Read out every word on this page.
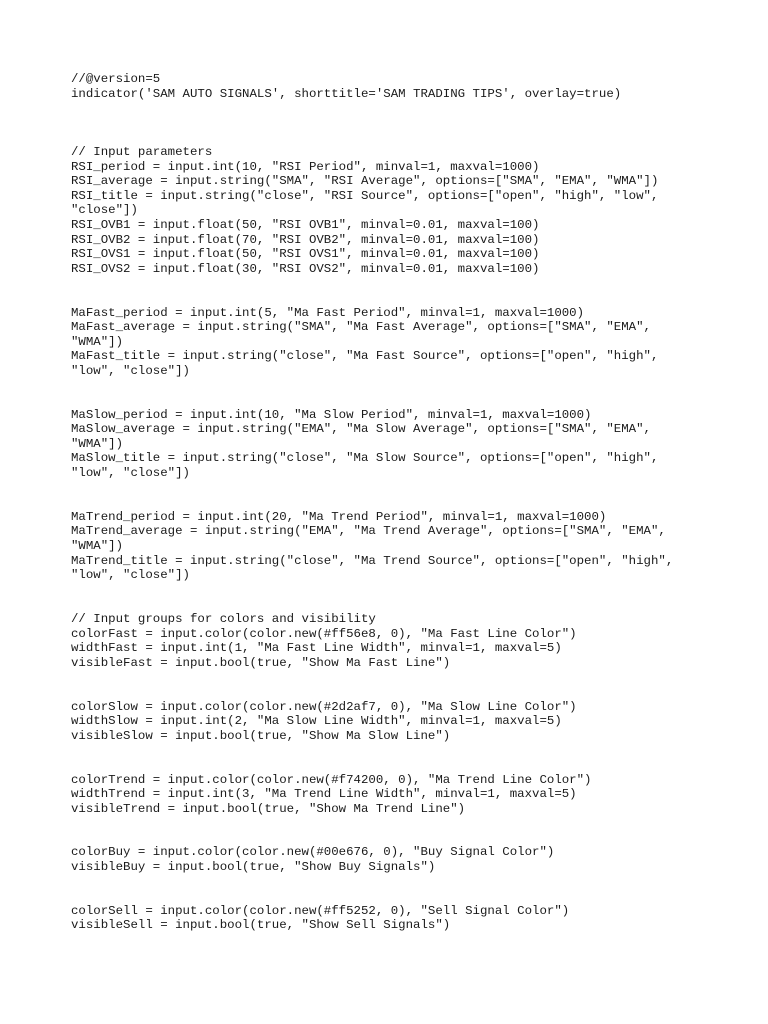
//@version=5
indicator('SAM AUTO SIGNALS', shorttitle='SAM TRADING TIPS', overlay=true)
// Input parameters
RSI_period = input.int(10, "RSI Period", minval=1, maxval=1000)
RSI_average = input.string("SMA", "RSI Average", options=["SMA", "EMA", "WMA"])
RSI_title = input.string("close", "RSI Source", options=["open", "high", "low",
"close"])
RSI_OVB1 = input.float(50, "RSI OVB1", minval=0.01, maxval=100)
RSI_OVB2 = input.float(70, "RSI OVB2", minval=0.01, maxval=100)
RSI_OVS1 = input.float(50, "RSI OVS1", minval=0.01, maxval=100)
RSI_OVS2 = input.float(30, "RSI OVS2", minval=0.01, maxval=100)
MaFast_period = input.int(5, "Ma Fast Period", minval=1, maxval=1000)
MaFast_average = input.string("SMA", "Ma Fast Average", options=["SMA", "EMA",
"WMA"])
MaFast_title = input.string("close", "Ma Fast Source", options=["open", "high",
"low", "close"])
MaSlow_period = input.int(10, "Ma Slow Period", minval=1, maxval=1000)
MaSlow_average = input.string("EMA", "Ma Slow Average", options=["SMA", "EMA",
"WMA"])
MaSlow_title = input.string("close", "Ma Slow Source", options=["open", "high",
"low", "close"])
MaTrend_period = input.int(20, "Ma Trend Period", minval=1, maxval=1000)
MaTrend_average = input.string("EMA", "Ma Trend Average", options=["SMA", "EMA",
"WMA"])
MaTrend_title = input.string("close", "Ma Trend Source", options=["open", "high",
"low", "close"])
// Input groups for colors and visibility
colorFast = input.color(color.new(#ff56e8, 0), "Ma Fast Line Color")
widthFast = input.int(1, "Ma Fast Line Width", minval=1, maxval=5)
visibleFast = input.bool(true, "Show Ma Fast Line")
colorSlow = input.color(color.new(#2d2af7, 0), "Ma Slow Line Color")
widthSlow = input.int(2, "Ma Slow Line Width", minval=1, maxval=5)
visibleSlow = input.bool(true, "Show Ma Slow Line")
colorTrend = input.color(color.new(#f74200, 0), "Ma Trend Line Color")
widthTrend = input.int(3, "Ma Trend Line Width", minval=1, maxval=5)
visibleTrend = input.bool(true, "Show Ma Trend Line")
colorBuy = input.color(color.new(#00e676, 0), "Buy Signal Color")
visibleBuy = input.bool(true, "Show Buy Signals")
colorSell = input.color(color.new(#ff5252, 0), "Sell Signal Color")
visibleSell = input.bool(true, "Show Sell Signals")
